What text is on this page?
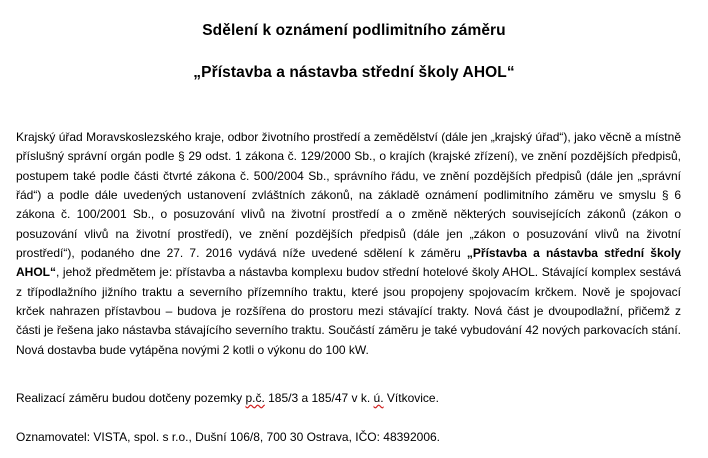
Sdělení k oznámení podlimitního záměru
„Přístavba a nástavba střední školy AHOL“

Krajský úřad Moravskoslezského kraje, odbor životního prostředí a zemědělství (dále jen „krajský úřad“), jako věcně a místně příslušný správní orgán podle § 29 odst. 1 zákona č. 129/2000 Sb., o krajích (krajské zřízení), ve znění pozdějších předpisů, postupem také podle části čtvrté zákona č. 500/2004 Sb., správního řádu, ve znění pozdějších předpisů (dále jen „správní řád“) a podle dále uvedených ustanovení zvláštních zákonů, na základě oznámení podlimitního záměru ve smyslu § 6 zákona č. 100/2001 Sb., o posuzování vlivů na životní prostředí a o změně některých souvisejících zákonů (zákon o posuzování vlivů na životní prostředí), ve znění pozdějších předpisů (dále jen „zákon o posuzování vlivů na životní prostředí“), podaného dne 27. 7. 2016 vydává níže uvedené sdělení k záměru „Přístavba a nástavba střední školy AHOL“, jehož předmětem je: přístavba a nástavba komplexu budov střední hotelové školy AHOL. Stávající komplex sestává z třípodlažního jižního traktu a severního přízemního traktu, které jsou propojeny spojovacím krčkem. Nově je spojovací krček nahrazen přístavbou – budova je rozšířena do prostoru mezi stávající trakty. Nová část je dvoupodlažní, přičemž z části je řešena jako nástavba stávajícího severního traktu. Součástí záměru je také vybudování 42 nových parkovacích stání. Nová dostavba bude vytápěna novými 2 kotli o výkonu do 100 kW.

Realizací záměru budou dotčeny pozemky p.č. 185/3 a 185/47 v k. ú. Vítkovice.
Oznamovatel: VISTA, spol. s r.o., Dušní 106/8, 700 30 Ostrava, IČO: 48392006.
